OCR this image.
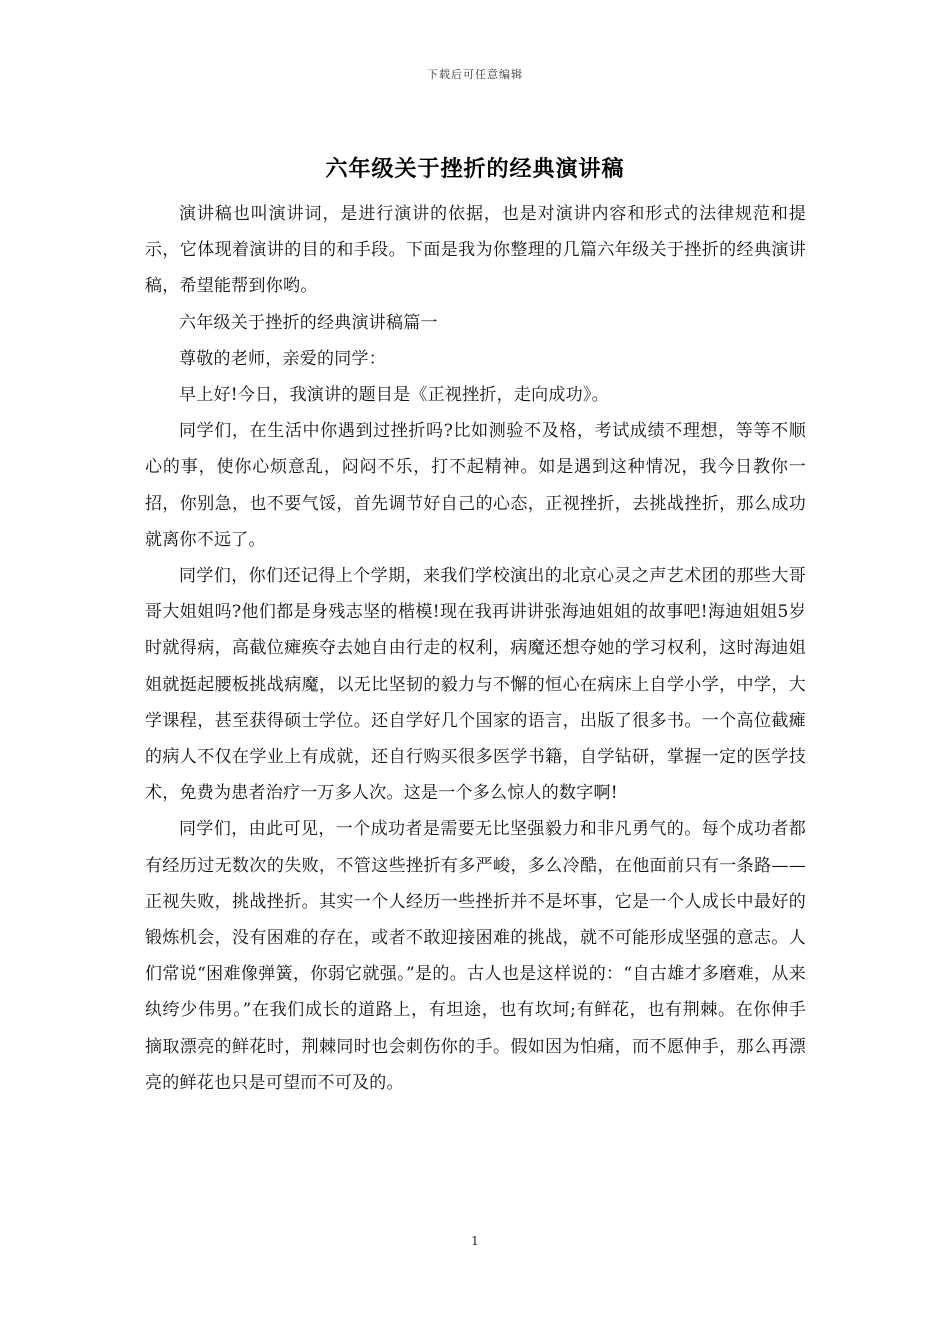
下载后可任意编辑
六年级关于挫折的经典演讲稿

演讲稿也叫演讲词，是进行演讲的依据，也是对演讲内容和形式的法律规范和提示，它体现着演讲的目的和手段。下面是我为你整理的几篇六年级关于挫折的经典演讲稿，希望能帮到你哟。

六年级关于挫折的经典演讲稿篇一

尊敬的老师，亲爱的同学：

早上好!今日，我演讲的题目是《正视挫折，走向成功》。

同学们，在生活中你遇到过挫折吗?比如测验不及格，考试成绩不理想，等等不顺心的事，使你心烦意乱，闷闷不乐，打不起精神。如是遇到这种情况，我今日教你一招，你别急，也不要气馁，首先调节好自己的心态，正视挫折，去挑战挫折，那么成功就离你不远了。

同学们，你们还记得上个学期，来我们学校演出的北京心灵之声艺术团的那些大哥哥大姐姐吗?他们都是身残志坚的楷模!现在我再讲讲张海迪姐姐的故事吧!海迪姐姐5岁时就得病，高截位瘫痪夺去她自由行走的权利，病魔还想夺她的学习权利，这时海迪姐姐就挺起腰板挑战病魔，以无比坚韧的毅力与不懈的恒心在病床上自学小学，中学，大学课程，甚至获得硕士学位。还自学好几个国家的语言，出版了很多书。一个高位截瘫的病人不仅在学业上有成就，还自行购买很多医学书籍，自学钻研，掌握一定的医学技术，免费为患者治疗一万多人次。这是一个多么惊人的数字啊!

同学们，由此可见，一个成功者是需要无比坚强毅力和非凡勇气的。每个成功者都有经历过无数次的失败，不管这些挫折有多严峻，多么冷酷，在他面前只有一条路——正视失败，挑战挫折。其实一个人经历一些挫折并不是坏事，它是一个人成长中最好的锻炼机会，没有困难的存在，或者不敢迎接困难的挑战，就不可能形成坚强的意志。人们常说“困难像弹簧，你弱它就强。”是的。古人也是这样说的：“自古雄才多磨难，从来纨绔少伟男。”在我们成长的道路上，有坦途，也有坎坷;有鲜花，也有荆棘。在你伸手摘取漂亮的鲜花时，荆棘同时也会刺伤你的手。假如因为怕痛，而不愿伸手，那么再漂亮的鲜花也只是可望而不可及的。

1
